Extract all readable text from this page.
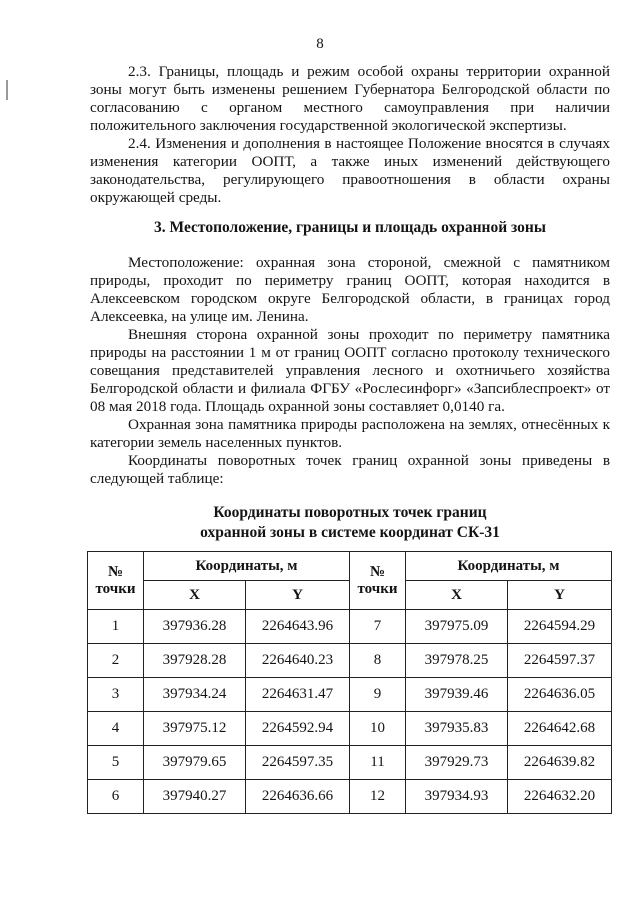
8

2.3. Границы, площадь и режим особой охраны территории охранной зоны могут быть изменены решением Губернатора Белгородской области по согласованию с органом местного самоуправления при наличии положительного заключения государственной экологической экспертизы.

2.4. Изменения и дополнения в настоящее Положение вносятся в случаях изменения категории ООПТ, а также иных изменений действующего законодательства, регулирующего правоотношения в области охраны окружающей среды.

3. Местоположение, границы и площадь охранной зоны

Местоположение: охранная зона стороной, смежной с памятником природы, проходит по периметру границ ООПТ, которая находится в Алексеевском городском округе Белгородской области, в границах город Алексеевка, на улице им. Ленина.

Внешняя сторона охранной зоны проходит по периметру памятника природы на расстоянии 1 м от границ ООПТ согласно протоколу технического совещания представителей управления лесного и охотничьего хозяйства Белгородской области и филиала ФГБУ «Рослесинфорг» «Запсиблеспроект» от 08 мая 2018 года. Площадь охранной зоны составляет 0,0140 га.

Охранная зона памятника природы расположена на землях, отнесённых к категории земель населенных пунктов.

Координаты поворотных точек границ охранной зоны приведены в следующей таблице:

Координаты поворотных точек границ
охранной зоны в системе координат СК-31
№ точки	Координаты, м		№ точки	Координаты, м	
	X	Y		X	Y
1	397936.28	2264643.96	7	397975.09	2264594.29
2	397928.28	2264640.23	8	397978.25	2264597.37
3	397934.24	2264631.47	9	397939.46	2264636.05
4	397975.12	2264592.94	10	397935.83	2264642.68
5	397979.65	2264597.35	11	397929.73	2264639.82
6	397940.27	2264636.66	12	397934.93	2264632.20
